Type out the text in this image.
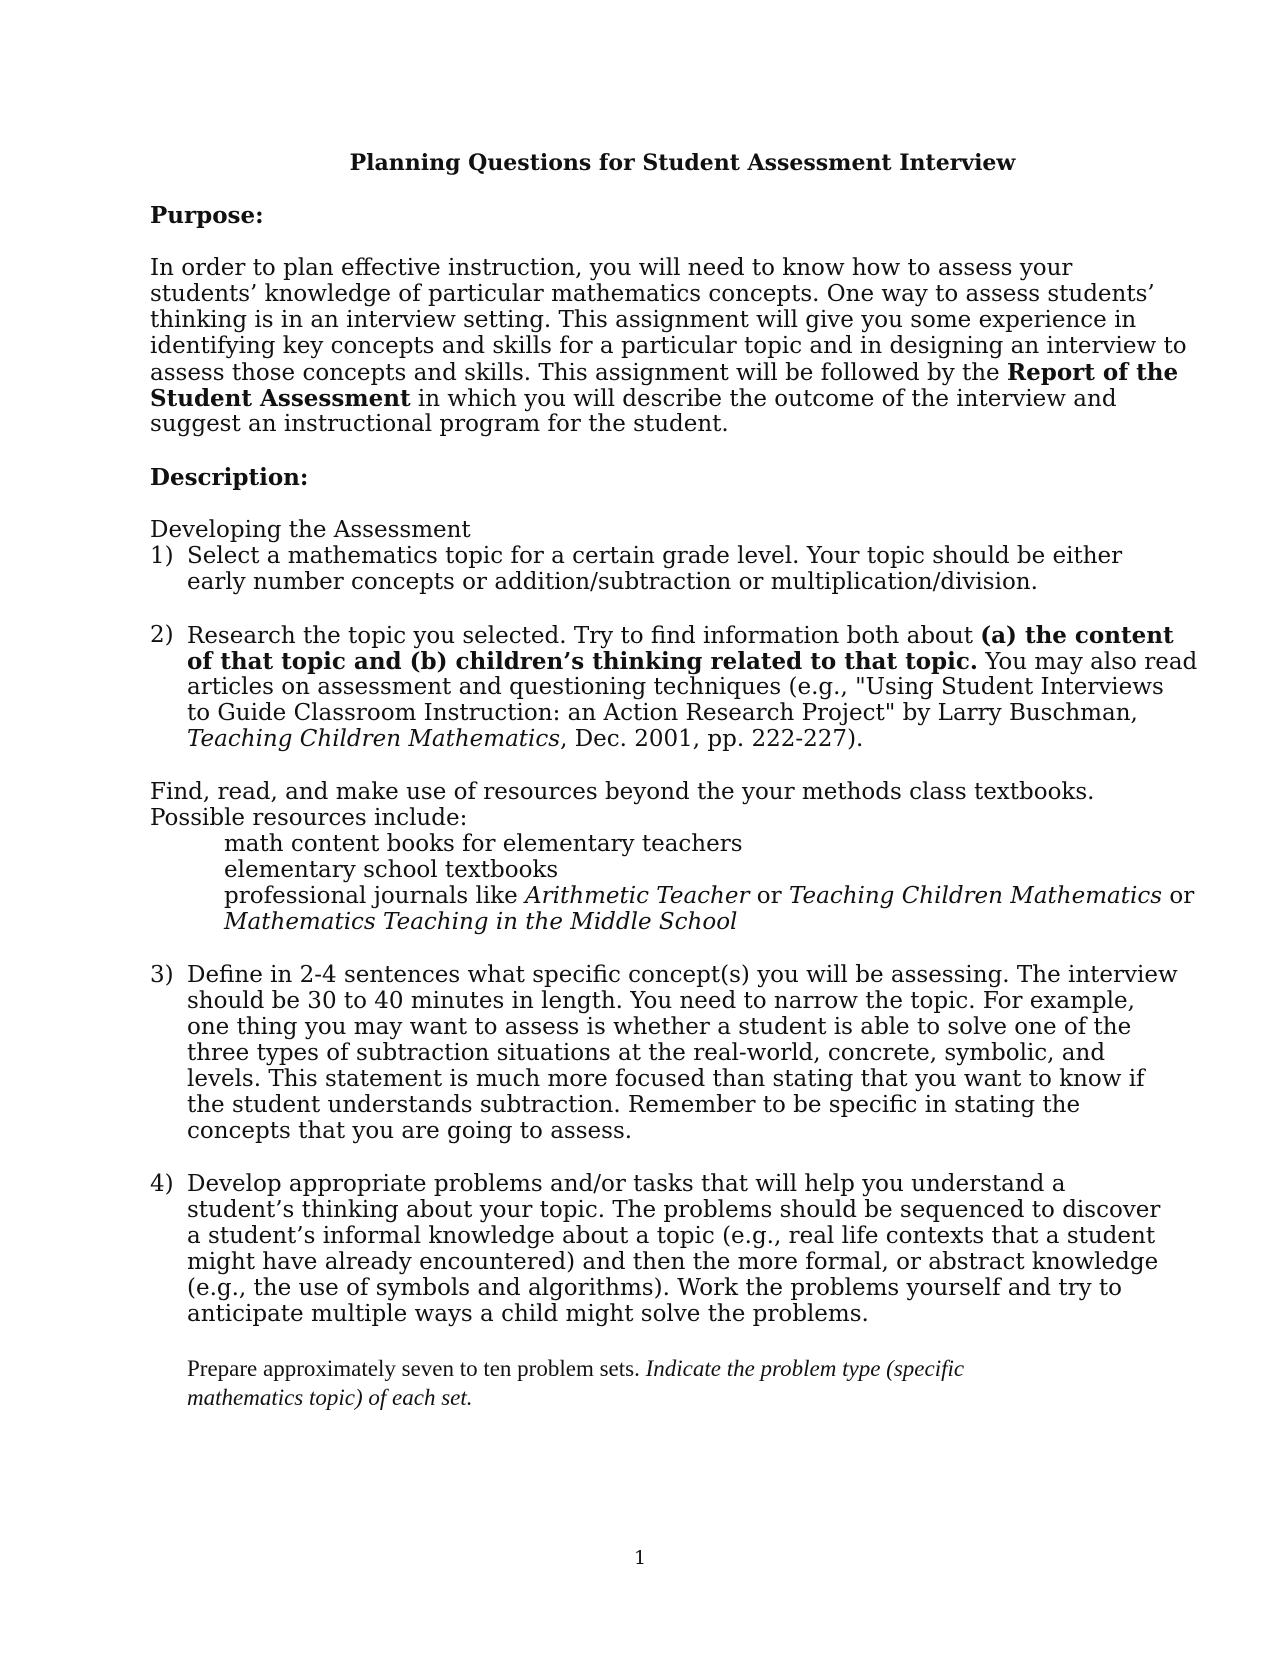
Planning Questions for Student Assessment Interview
Purpose:
In order to plan effective instruction, you will need to know how to assess your
students’ knowledge of particular mathematics concepts. One way to assess students’
thinking is in an interview setting. This assignment will give you some experience in
identifying key concepts and skills for a particular topic and in designing an interview to
assess those concepts and skills. This assignment will be followed by the Report of the
Student Assessment in which you will describe the outcome of the interview and
suggest an instructional program for the student.
Description:
Developing the Assessment
1) Select a mathematics topic for a certain grade level. Your topic should be either
early number concepts or addition/subtraction or multiplication/division.
2) Research the topic you selected. Try to find information both about (a) the content
of that topic and (b) children’s thinking related to that topic. You may also read
articles on assessment and questioning techniques (e.g., "Using Student Interviews
to Guide Classroom Instruction: an Action Research Project" by Larry Buschman,
Teaching Children Mathematics, Dec. 2001, pp. 222-227).
Find, read, and make use of resources beyond the your methods class textbooks.
Possible resources include:
math content books for elementary teachers
elementary school textbooks
professional journals like Arithmetic Teacher or Teaching Children Mathematics or
Mathematics Teaching in the Middle School
3) Define in 2-4 sentences what specific concept(s) you will be assessing. The interview
should be 30 to 40 minutes in length. You need to narrow the topic. For example,
one thing you may want to assess is whether a student is able to solve one of the
three types of subtraction situations at the real-world, concrete, symbolic, and
levels. This statement is much more focused than stating that you want to know if
the student understands subtraction. Remember to be specific in stating the
concepts that you are going to assess.
4) Develop appropriate problems and/or tasks that will help you understand a
student’s thinking about your topic. The problems should be sequenced to discover
a student’s informal knowledge about a topic (e.g., real life contexts that a student
might have already encountered) and then the more formal, or abstract knowledge
(e.g., the use of symbols and algorithms). Work the problems yourself and try to
anticipate multiple ways a child might solve the problems.
Prepare approximately seven to ten problem sets. Indicate the problem type (specific
mathematics topic) of each set.
1
